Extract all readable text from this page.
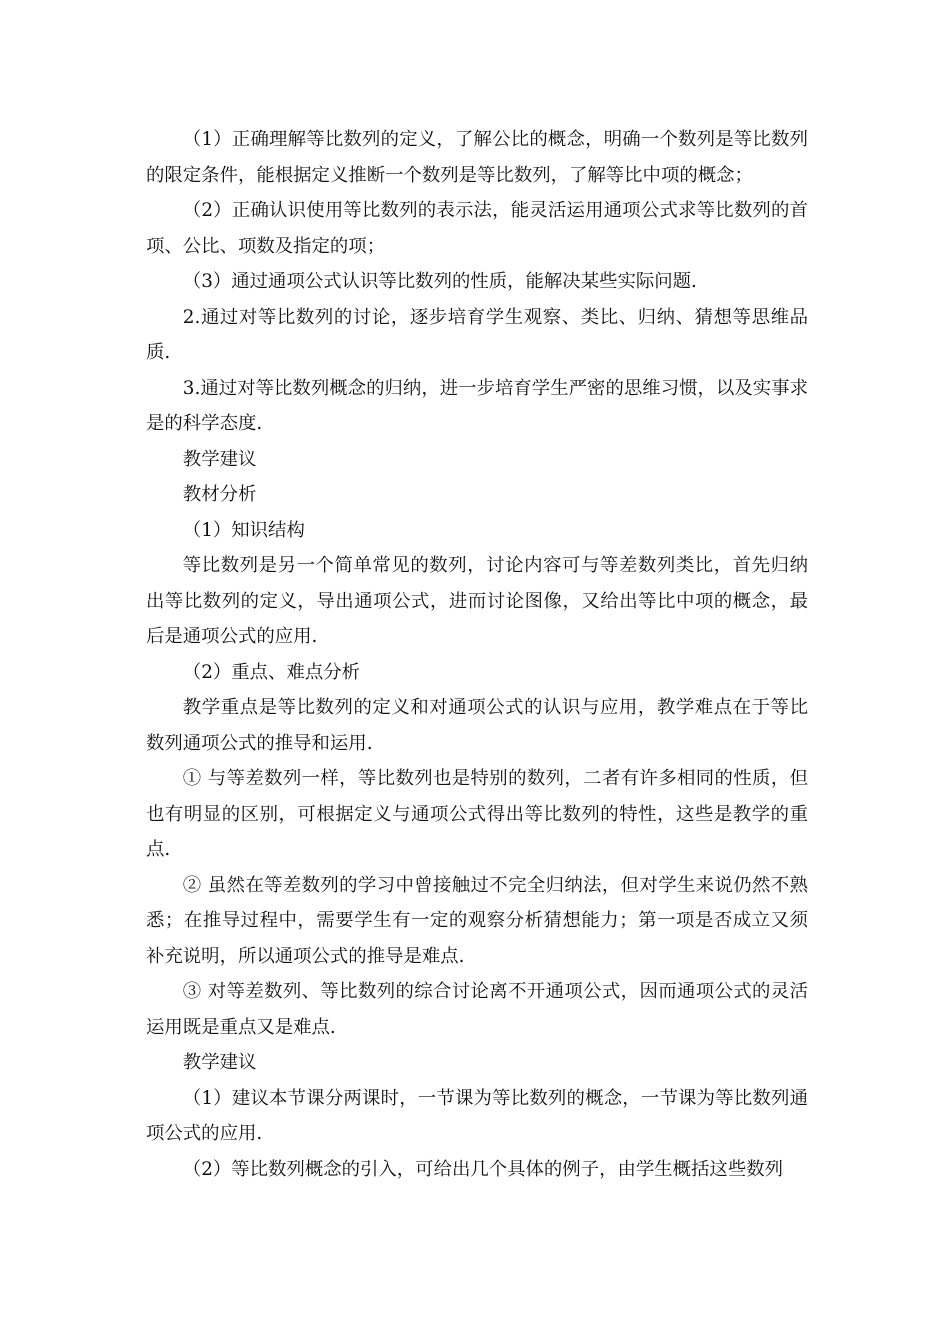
（1）正确理解等比数列的定义，了解公比的概念，明确一个数列是等比数列的限定条件，能根据定义推断一个数列是等比数列，了解等比中项的概念；

（2）正确认识使用等比数列的表示法，能灵活运用通项公式求等比数列的首项、公比、项数及指定的项；

（3）通过通项公式认识等比数列的性质，能解决某些实际问题.

2.通过对等比数列的讨论，逐步培育学生观察、类比、归纳、猜想等思维品质.

3.通过对等比数列概念的归纳，进一步培育学生严密的思维习惯，以及实事求是的科学态度.

教学建议

教材分析

（1）知识结构

等比数列是另一个简单常见的数列，讨论内容可与等差数列类比，首先归纳出等比数列的定义，导出通项公式，进而讨论图像，又给出等比中项的概念，最后是通项公式的应用.

（2）重点、难点分析

教学重点是等比数列的定义和对通项公式的认识与应用，教学难点在于等比数列通项公式的推导和运用.

① 与等差数列一样，等比数列也是特别的数列，二者有许多相同的性质，但也有明显的区别，可根据定义与通项公式得出等比数列的特性，这些是教学的重点.

② 虽然在等差数列的学习中曾接触过不完全归纳法，但对学生来说仍然不熟悉；在推导过程中，需要学生有一定的观察分析猜想能力；第一项是否成立又须补充说明，所以通项公式的推导是难点.

③ 对等差数列、等比数列的综合讨论离不开通项公式，因而通项公式的灵活运用既是重点又是难点.

教学建议

（1）建议本节课分两课时，一节课为等比数列的概念，一节课为等比数列通项公式的应用.

（2）等比数列概念的引入，可给出几个具体的例子，由学生概括这些数列
